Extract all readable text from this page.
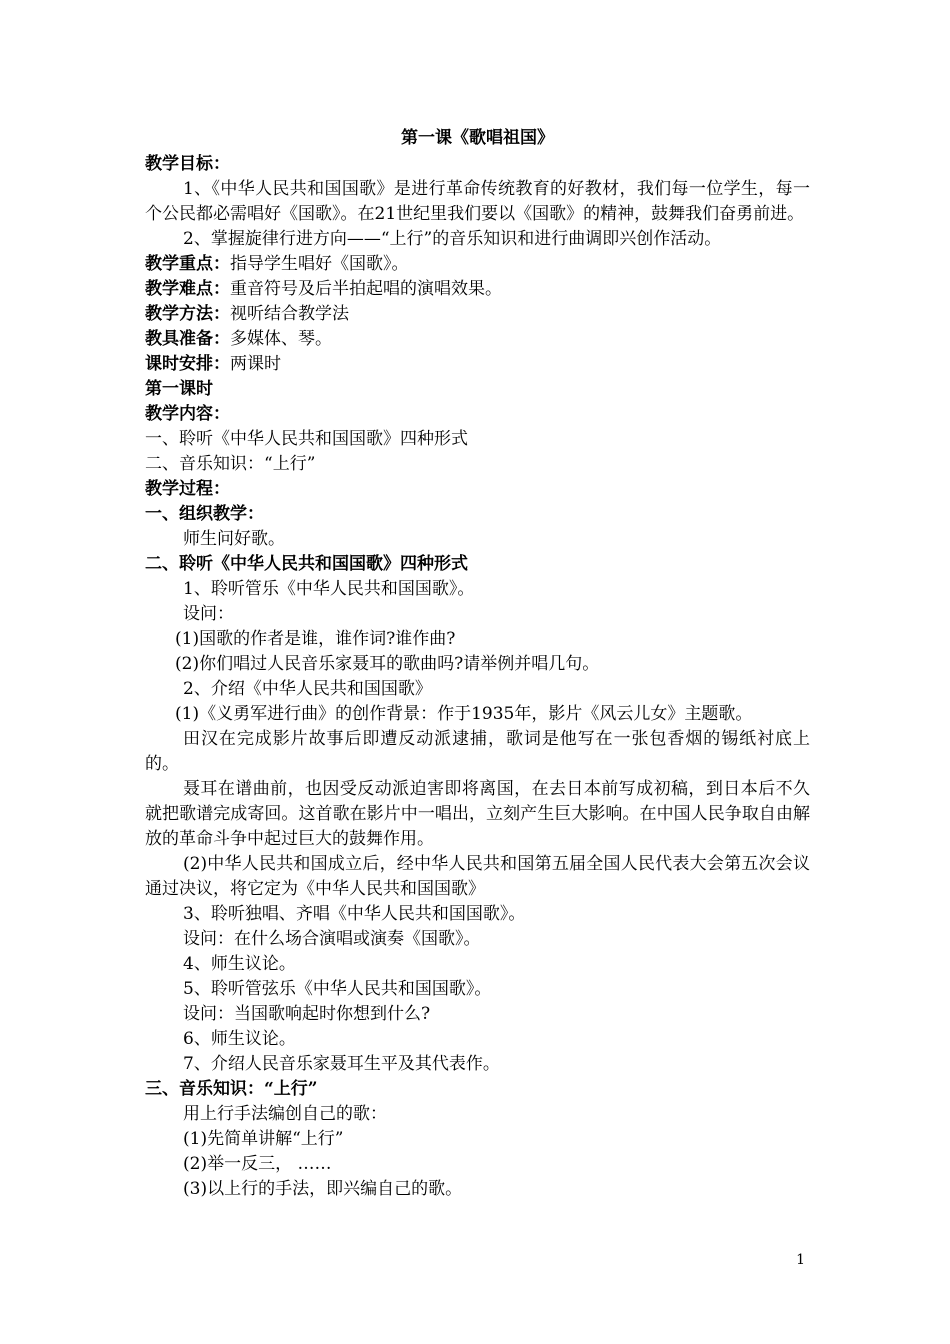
第一课《歌唱祖国》
教学目标：
1、《中华人民共和国国歌》是进行革命传统教育的好教材，我们每一位学生，每一个公民都必需唱好《国歌》。在21世纪里我们要以《国歌》的精神，鼓舞我们奋勇前进。
2、掌握旋律行进方向——“上行”的音乐知识和进行曲调即兴创作活动。
教学重点：指导学生唱好《国歌》。
教学难点：重音符号及后半拍起唱的演唱效果。
教学方法：视听结合教学法
教具准备：多媒体、琴。
课时安排：两课时
第一课时
教学内容：
一、聆听《中华人民共和国国歌》四种形式
二、音乐知识：“上行”
教学过程：
一、组织教学：
师生问好歌。
二、聆听《中华人民共和国国歌》四种形式
1、聆听管乐《中华人民共和国国歌》。
设问：
(1)国歌的作者是谁，谁作词?谁作曲?
(2)你们唱过人民音乐家聂耳的歌曲吗?请举例并唱几句。
2、介绍《中华人民共和国国歌》
(1)《义勇军进行曲》的创作背景：作于1935年，影片《风云儿女》主题歌。
田汉在完成影片故事后即遭反动派逮捕，歌词是他写在一张包香烟的锡纸衬底上的。
聂耳在谱曲前，也因受反动派迫害即将离国，在去日本前写成初稿，到日本后不久就把歌谱完成寄回。这首歌在影片中一唱出，立刻产生巨大影响。在中国人民争取自由解放的革命斗争中起过巨大的鼓舞作用。
(2)中华人民共和国成立后，经中华人民共和国第五届全国人民代表大会第五次会议通过决议，将它定为《中华人民共和国国歌》
3、聆听独唱、齐唱《中华人民共和国国歌》。
设问：在什么场合演唱或演奏《国歌》。
4、师生议论。
5、聆听管弦乐《中华人民共和国国歌》。
设问：当国歌响起时你想到什么?
6、师生议论。
7、介绍人民音乐家聂耳生平及其代表作。
三、音乐知识：“上行”
用上行手法编创自己的歌：
(1)先简单讲解“上行”
(2)举一反三， ……
(3)以上行的手法，即兴编自己的歌。
1
